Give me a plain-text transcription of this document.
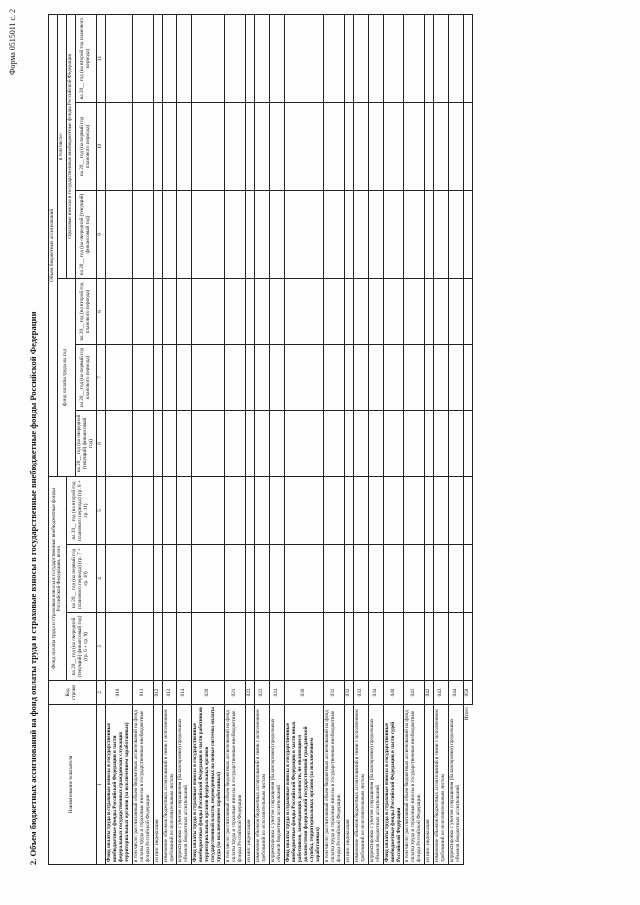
Форма 0515011 с. 2
2. Объем бюджетных ассигнований на фонд оплаты труда и страховые взносы в государственные внебюджетные фонды Российской Федерации	Наименование показателя	Код строки	Фонд оплаты труда и страховые взносы в государственные внебюджетные фонды Российской Федерации, всего			Объем бюджетных ассигнований					
					фонд оплаты труда на год			в том числе:		
		на 20__ год (на очередной (текущий) финансовый год) (гр. 6 + гр. 9)	на 20__ год (на первый год планового периода) (гр. 7 + гр. 10)	на 20__ год (на второй год планового периода) (гр. 8 + гр. 11)				страховые взносы в государственные внебюджетные фонды Российской Федерации		
					на 20__ год (на очередной (текущий) финансовый год)	на 20__ год (на первый год планового периода)	на 20__ год (на второй год планового периода)	на 20__ год (на очередной (текущий) финансовый год)	на 20__ год (на первый год планового периода)	на 20__ год (на второй год планового периода)
1	2	3	4	5	6	7	8	9	10	11
Фонд оплаты труда и страховые взносы в государственные внебюджетные фонды Российской Федерации в части федеральных государственных гражданских служащих территориальных органов (за исключением заработанных)	010									
в том числе: рассчитанный объем бюджетных ассигнований на фонд оплаты труда и страховые взносы в государственные внебюджетные фонды Российской Федерации	011									
из них: индексация	012									
изменение объемов бюджетных ассигнований в связи с исполнением требований по исполнительным листам	013									
корректировка с учетом сокращения (балансировки) предельных объемов бюджетных ассигнований	014									
Фонд оплаты труда и страховые взносы в государственные внебюджетные фонды Российской Федерации в части работников территориальных органов федеральных органов государственной власти, переведенных на новые системы оплаты труда (за исключением заработанных)	020									
в том числе: рассчитанный объем бюджетных ассигнований на фонд оплаты труда и страховые взносы в государственные внебюджетные фонды Российской Федерации	021									
из них: индексация	022									
изменение объемов бюджетных ассигнований в связи с исполнением требований по исполнительным листам	023									
корректировка с учетом сокращения (балансировки) предельных объемов бюджетных ассигнований	024									
Фонд оплаты труда и страховые взносы в государственные внебюджетные фонды Российской Федерации в части иных работников, замещающих должности, не являющиеся должностями федеральной государственной гражданской службы, территориальных органов (за исключением заработанных)	030									
в том числе: рассчитанный объем бюджетных ассигнований на фонд оплаты труда и страховые взносы в государственные внебюджетные фонды Российской Федерации	031									
из них: индексация	032									
изменение объемов бюджетных ассигнований в связи с исполнением требований по исполнительным листам	033									
корректировка с учетом сокращения (балансировки) предельных объемов бюджетных ассигнований	034									
Фонд оплаты труда и страховые взносы в государственные внебюджетные фонды Российской Федерации в части судей Российской Федерации	040									
в том числе: рассчитанный объем бюджетных ассигнований на фонд оплаты труда и страховые взносы в государственные внебюджетные фонды Российской Федерации	041									
из них: индексация	042									
изменение объемов бюджетных ассигнований в связи с исполнением требований по исполнительным листам	043									
корректировка с учетом сокращения (балансировки) предельных объемов бюджетных ассигнований	044									
Итого	050									
